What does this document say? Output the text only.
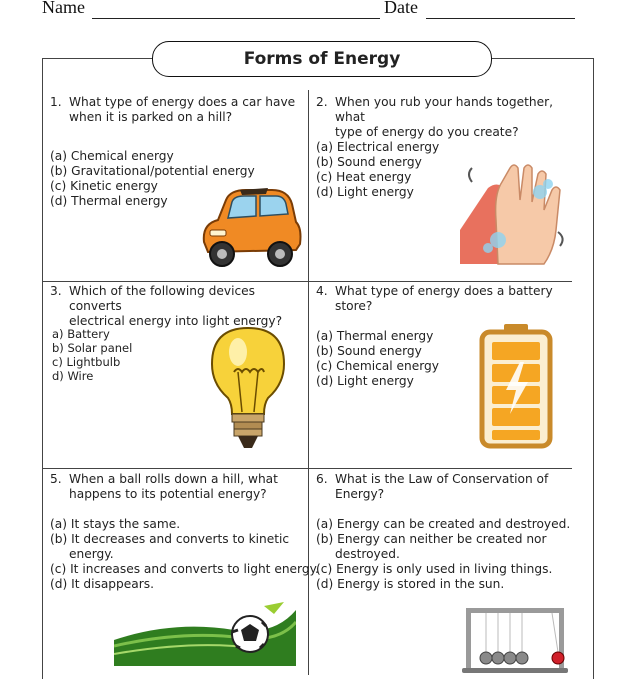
Name	Date
Forms of Energy
1. What type of energy does a car have
when it is parked on a hill?
(a) Chemical energy
(b) Gravitational/potential energy
(c) Kinetic energy
(d) Thermal energy
2. When you rub your hands together, what
type of energy do you create?
(a) Electrical energy
(b) Sound energy
(c) Heat energy
(d) Light energy
3. Which of the following devices converts
electrical energy into light energy?
a) Battery
b) Solar panel
c) Lightbulb
d) Wire
4. What type of energy does a battery
store?
(a) Thermal energy
(b) Sound energy
(c) Chemical energy
(d) Light energy
5. When a ball rolls down a hill, what
happens to its potential energy?
(a) It stays the same.
(b) It decreases and converts to kinetic
energy.
(c) It increases and converts to light energy.
(d) It disappears.
6. What is the Law of Conservation of
Energy?
(a) Energy can be created and destroyed.
(b) Energy can neither be created nor
destroyed.
(c) Energy is only used in living things.
(d) Energy is stored in the sun.
